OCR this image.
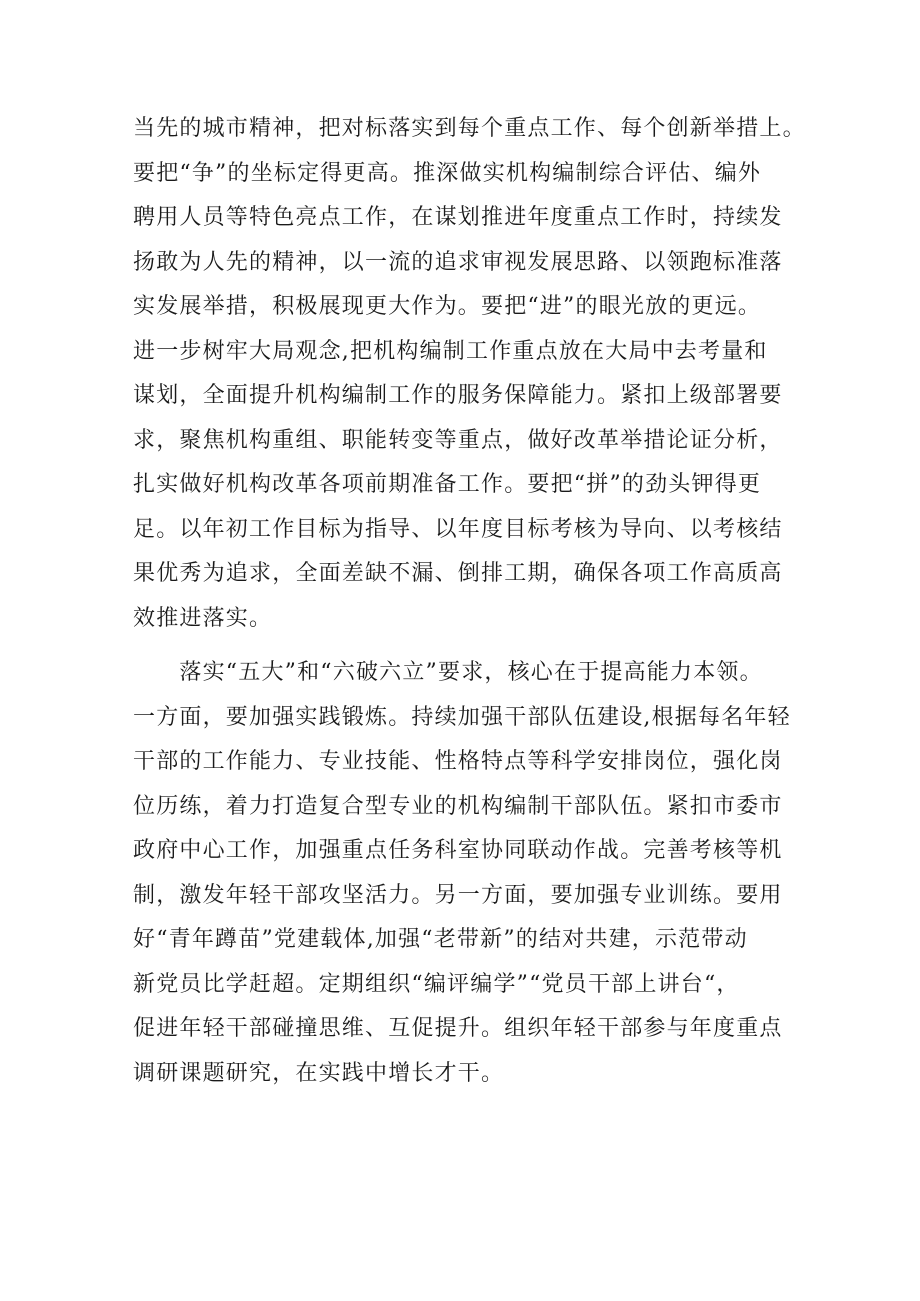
当先的城市精神，把对标落实到每个重点工作、每个创新举措上。
要把“争”的坐标定得更高。推深做实机构编制综合评估、编外
聘用人员等特色亮点工作，在谋划推进年度重点工作时，持续发
扬敢为人先的精神，以一流的追求审视发展思路、以领跑标准落
实发展举措，积极展现更大作为。要把“进”的眼光放的更远。
进一步树牢大局观念,把机构编制工作重点放在大局中去考量和
谋划，全面提升机构编制工作的服务保障能力。紧扣上级部署要
求，聚焦机构重组、职能转变等重点，做好改革举措论证分析，
扎实做好机构改革各项前期准备工作。要把“拼”的劲头钾得更
足。以年初工作目标为指导、以年度目标考核为导向、以考核结
果优秀为追求，全面差缺不漏、倒排工期，确保各项工作高质高
效推进落实。
　　落实“五大”和“六破六立”要求，核心在于提高能力本领。
一方面，要加强实践锻炼。持续加强干部队伍建设,根据每名年轻
干部的工作能力、专业技能、性格特点等科学安排岗位，强化岗
位历练，着力打造复合型专业的机构编制干部队伍。紧扣市委市
政府中心工作，加强重点任务科室协同联动作战。完善考核等机
制，激发年轻干部攻坚活力。另一方面，要加强专业训练。要用
好“青年蹲苗”党建载体,加强“老带新”的结对共建，示范带动
新党员比学赶超。定期组织“编评编学”“党员干部上讲台“，
促进年轻干部碰撞思维、互促提升。组织年轻干部参与年度重点
调研课题研究，在实践中增长才干。
